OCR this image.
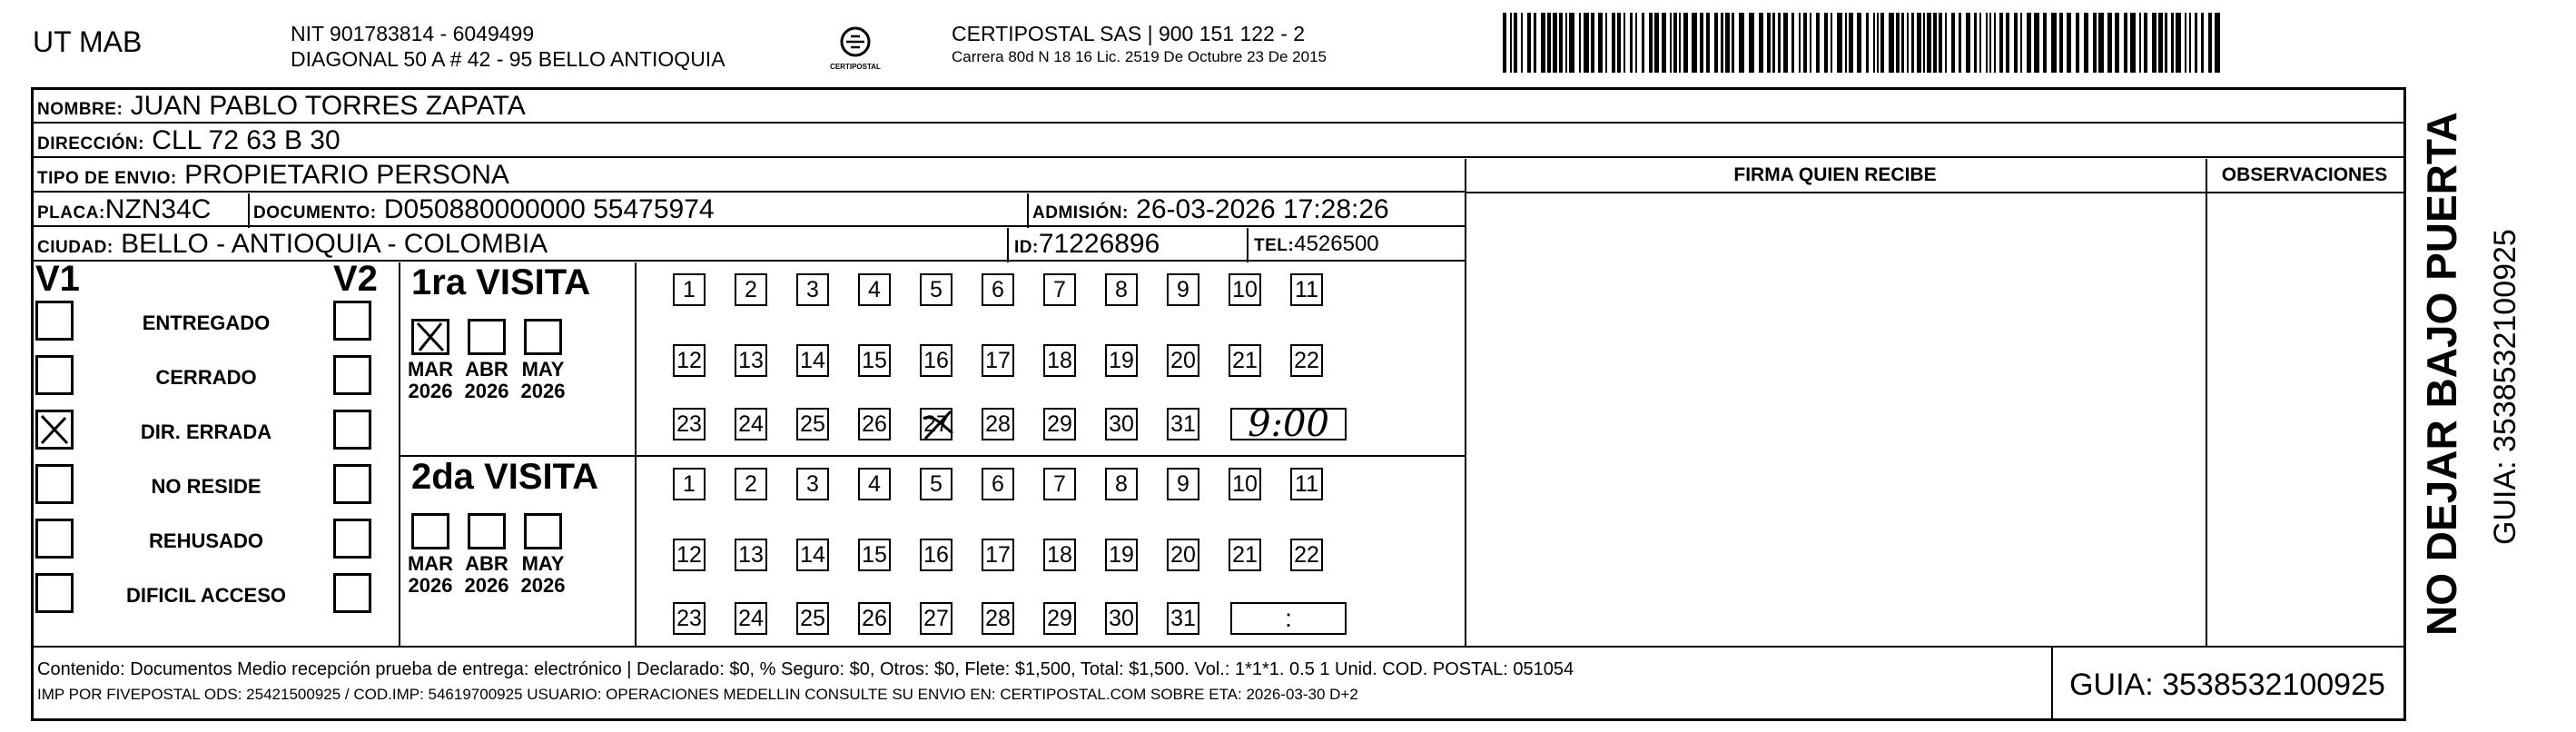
UT MAB	NIT 901783814 - 6049499
DIAGONAL 50 A # 42 - 95 BELLO ANTIOQUIA	CERTIPOSTAL
CERTIPOSTAL SAS | 900 151 122 - 2
Carrera 80d N 18 16 Lic. 2519 De Octubre 23 De 2015
NOMBRE: JUAN PABLO TORRES ZAPATA
DIRECCIÓN: CLL 72 63 B 30
TIPO DE ENVIO: PROPIETARIO PERSONA
PLACA:NZN34C DOCUMENTO: D050880000000 55475974	ADMISIÓN: 26-03-2026 17:28:26
CIUDAD: BELLO - ANTIOQUIA - COLOMBIA	ID:71226896	TEL:4526500
FIRMA QUIEN RECIBE	OBSERVACIONES
V1	V2
ENTREGADO
CERRADO
DIR. ERRADA
NO RESIDE
REHUSADO
DIFICIL ACCESO
1	2	3	4	5	6	7	8	9	10 11
12 13 14 15 16 17 18 19 20 21 22
23 24 25 26 27 28 29 30 31	9:00
1	2	3	4	5	6	7	8	9	10 11
12 13 14 15 16 17 18 19 20 21 22
23 24 25 26 27 28 29 30 31	:
1ra VISITA
MAR
2026
ABR
2026
MAY
2026
2da VISITA
MAR
2026
ABR
2026
MAY
2026
Contenido: Documentos Medio recepción prueba de entrega: electrónico | Declarado: $0, % Seguro: $0, Otros: $0, Flete: $1,500, Total: $1,500. Vol.: 1*1*1. 0.5 1 Unid. COD. POSTAL: 051054
IMP POR FIVEPOSTAL ODS: 25421500925 / COD.IMP: 54619700925 USUARIO: OPERACIONES MEDELLIN CONSULTE SU ENVIO EN: CERTIPOSTAL.COM SOBRE ETA: 2026-03-30 D+2	GUIA: 3538532100925
NO DEJAR BAJO PUERTA GUIA: 3538532100925
